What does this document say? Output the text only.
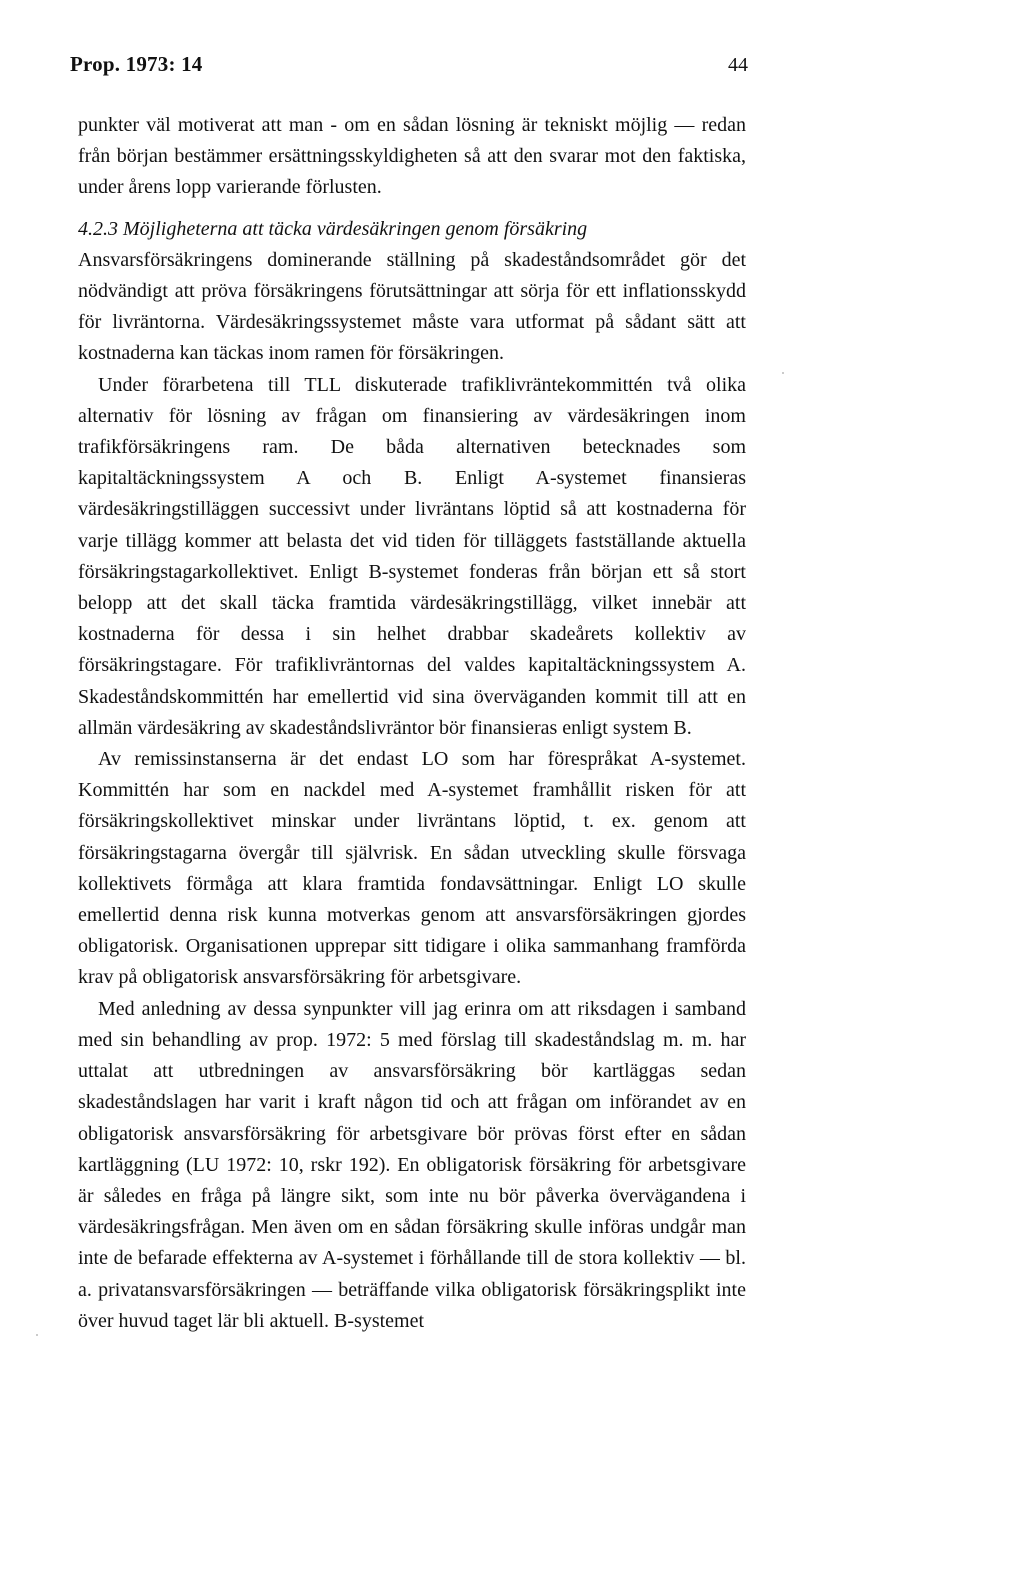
Prop. 1973: 14	44

punkter väl motiverat att man - om en sådan lösning är tekniskt möjlig — redan från början bestämmer ersättningsskyldigheten så att den svarar mot den faktiska, under årens lopp varierande förlusten.

4.2.3 Möjligheterna att täcka värdesäkringen genom försäkring

Ansvarsförsäkringens dominerande ställning på skadeståndsområdet gör det nödvändigt att pröva försäkringens förutsättningar att sörja för ett inflationsskydd för livräntorna. Värdesäkringssystemet måste vara utformat på sådant sätt att kostnaderna kan täckas inom ramen för försäkringen.

Under förarbetena till TLL diskuterade trafiklivräntekommittén två olika alternativ för lösning av frågan om finansiering av värdesäkringen inom trafikförsäkringens ram. De båda alternativen betecknades som kapitaltäckningssystem A och B. Enligt A-systemet finansieras värdesäkringstilläggen successivt under livräntans löptid så att kostnaderna för varje tillägg kommer att belasta det vid tiden för tilläggets fastställande aktuella försäkringstagarkollektivet. Enligt B-systemet fonderas från början ett så stort belopp att det skall täcka framtida värdesäkringstillägg, vilket innebär att kostnaderna för dessa i sin helhet drabbar skadeårets kollektiv av försäkringstagare. För trafiklivräntornas del valdes kapitaltäckningssystem A. Skadeståndskommittén har emellertid vid sina överväganden kommit till att en allmän värdesäkring av skadeståndslivräntor bör finansieras enligt system B.

Av remissinstanserna är det endast LO som har förespråkat A-systemet. Kommittén har som en nackdel med A-systemet framhållit risken för att försäkringskollektivet minskar under livräntans löptid, t. ex. genom att försäkringstagarna övergår till självrisk. En sådan utveckling skulle försvaga kollektivets förmåga att klara framtida fondavsättningar. Enligt LO skulle emellertid denna risk kunna motverkas genom att ansvarsförsäkringen gjordes obligatorisk. Organisationen upprepar sitt tidigare i olika sammanhang framförda krav på obligatorisk ansvarsförsäkring för arbetsgivare.

Med anledning av dessa synpunkter vill jag erinra om att riksdagen i samband med sin behandling av prop. 1972: 5 med förslag till skadeståndslag m. m. har uttalat att utbredningen av ansvarsförsäkring bör kartläggas sedan skadeståndslagen har varit i kraft någon tid och att frågan om införandet av en obligatorisk ansvarsförsäkring för arbetsgivare bör prövas först efter en sådan kartläggning (LU 1972: 10, rskr 192). En obligatorisk försäkring för arbetsgivare är således en fråga på längre sikt, som inte nu bör påverka övervägandena i värdesäkringsfrågan. Men även om en sådan försäkring skulle införas undgår man inte de befarade effekterna av A-systemet i förhållande till de stora kollektiv — bl. a. privatansvarsförsäkringen — beträffande vilka obligatorisk försäkringsplikt inte över huvud taget lär bli aktuell. B-systemet
